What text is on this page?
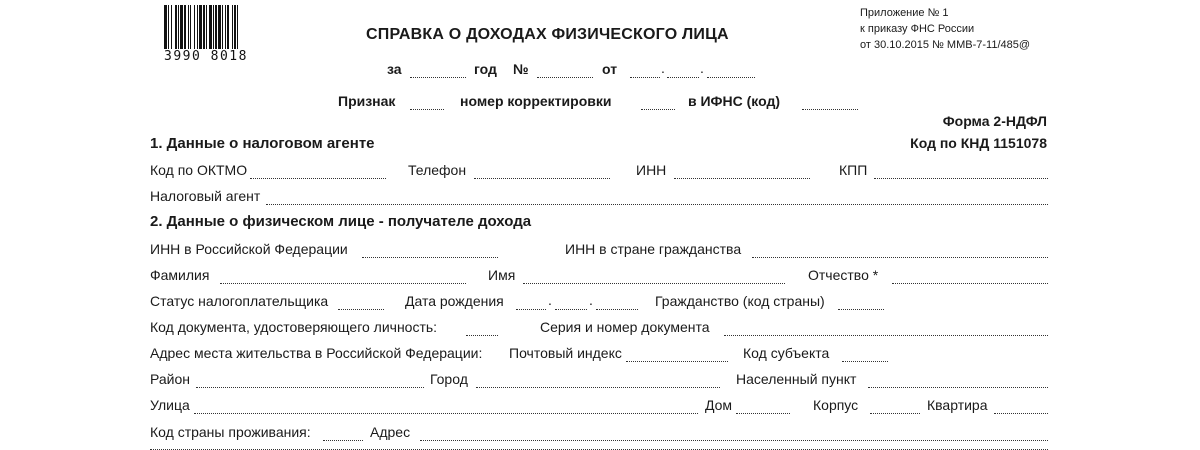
3990 8018
Приложение № 1
к приказу ФНС России
от 30.10.2015 № ММВ-7-11/485@
СПРАВКА О ДОХОДАХ ФИЗИЧЕСКОГО ЛИЦА
за	год №	от	.	.
Признак	номер корректировки	в ИФНС (код)
Форма 2-НДФЛ
Код по КНД 1151078
1. Данные о налоговом агенте
Код по ОКТМО	Телефон	ИНН	КПП
Налоговый агент
2. Данные о физическом лице - получателе дохода
ИНН в Российской Федерации	ИНН в стране гражданства
Фамилия	Имя	Отчество *
Статус налогоплательщика	Дата рождения	.	.	Гражданство (код страны)
Код документа, удостоверяющего личность:	Серия и номер документа
Адрес места жительства в Российской Федерации: Почтовый индекс	Код субъекта
Район	Город	Населенный пункт
Улица	Дом	Корпус	Квартира
Код страны проживания:	Адрес
